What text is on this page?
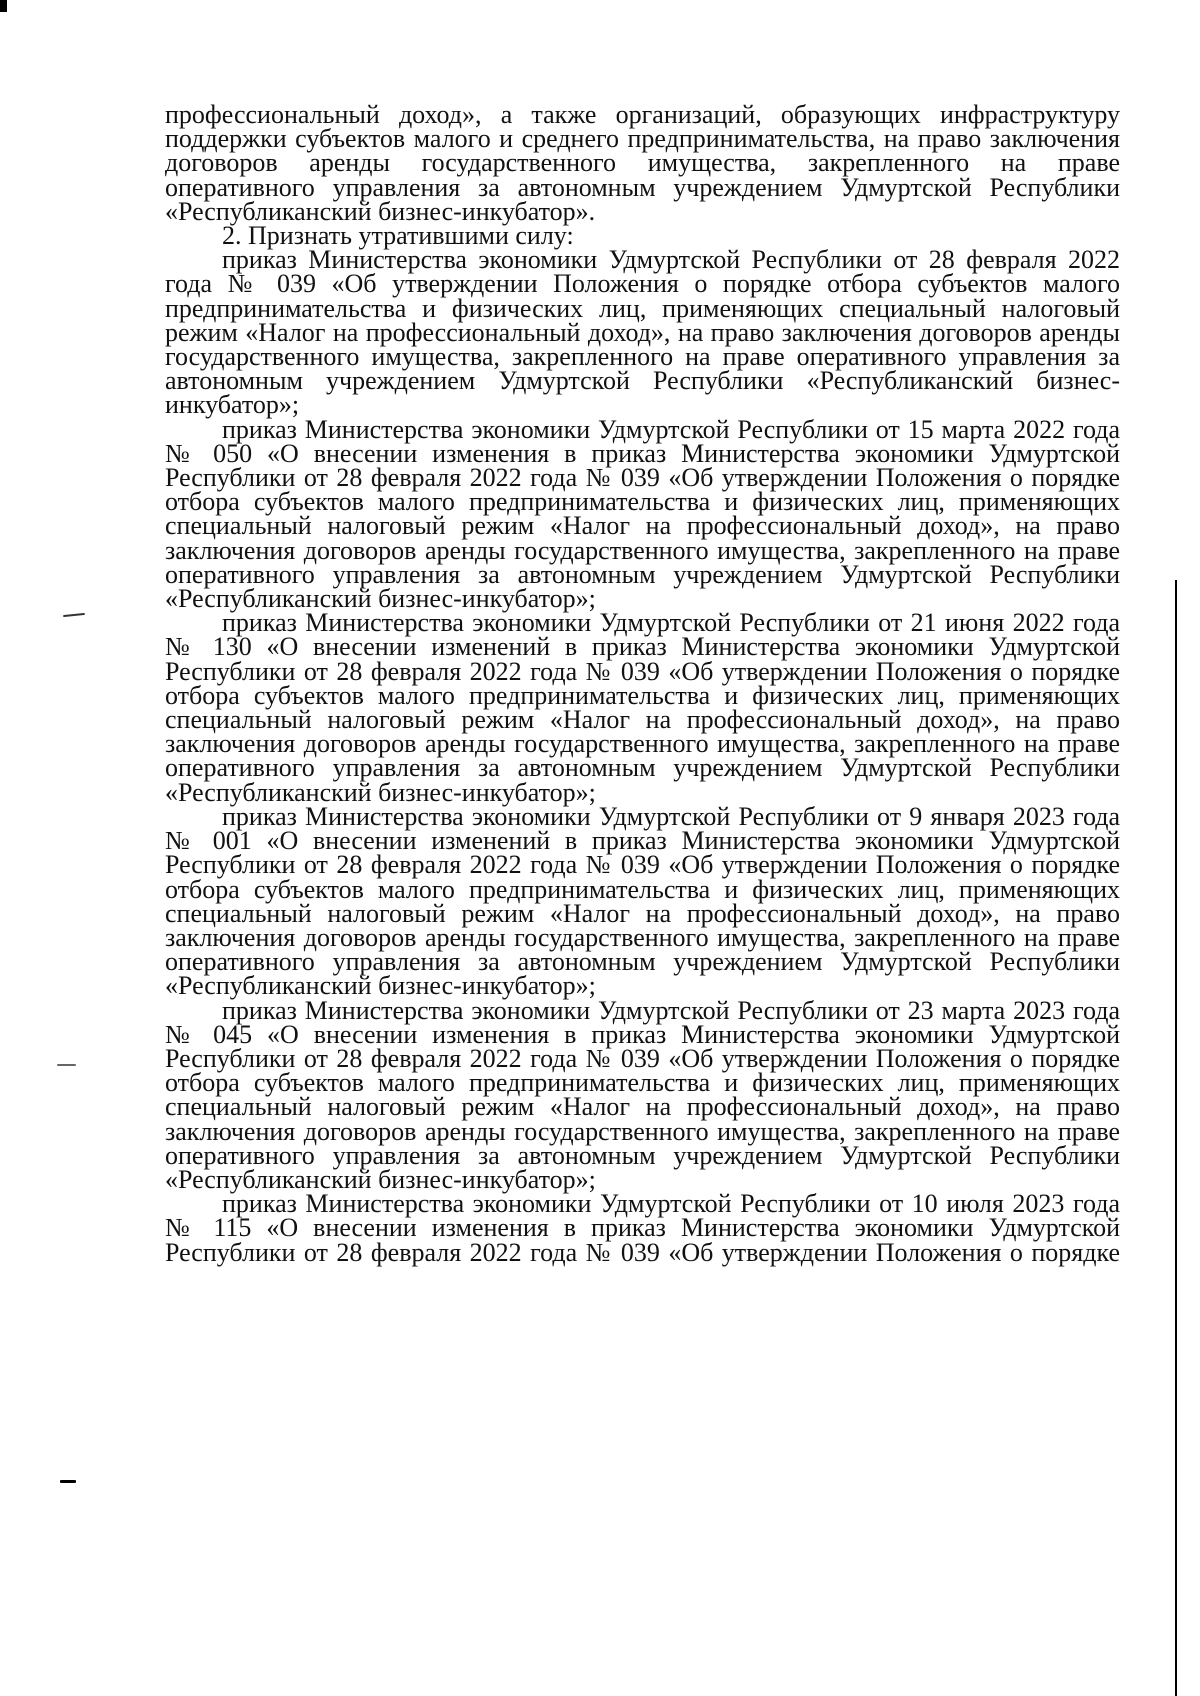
профессиональный доход», а также организаций, образующих инфраструктуру поддержки субъектов малого и среднего предпринимательства, на право заключения договоров аренды государственного имущества, закрепленного на праве оперативного управления за автономным учреждением Удмуртской Республики «Республиканский бизнес-инкубатор».

2. Признать утратившими силу:

приказ Министерства экономики Удмуртской Республики от 28 февраля 2022 года № 039 «Об утверждении Положения о порядке отбора субъектов малого предпринимательства и физических лиц, применяющих специальный налоговый режим «Налог на профессиональный доход», на право заключения договоров аренды государственного имущества, закрепленного на праве оперативного управления за автономным учреждением Удмуртской Республики «Республиканский бизнес-инкубатор»;

приказ Министерства экономики Удмуртской Республики от 15 марта 2022 года № 050 «О внесении изменения в приказ Министерства экономики Удмуртской Республики от 28 февраля 2022 года № 039 «Об утверждении Положения о порядке отбора субъектов малого предпринимательства и физических лиц, применяющих специальный налоговый режим «Налог на профессиональный доход», на право заключения договоров аренды государственного имущества, закрепленного на праве оперативного управления за автономным учреждением Удмуртской Республики «Республиканский бизнес-инкубатор»;

приказ Министерства экономики Удмуртской Республики от 21 июня 2022 года № 130 «О внесении изменений в приказ Министерства экономики Удмуртской Республики от 28 февраля 2022 года № 039 «Об утверждении Положения о порядке отбора субъектов малого предпринимательства и физических лиц, применяющих специальный налоговый режим «Налог на профессиональный доход», на право заключения договоров аренды государственного имущества, закрепленного на праве оперативного управления за автономным учреждением Удмуртской Республики «Республиканский бизнес-инкубатор»;

приказ Министерства экономики Удмуртской Республики от 9 января 2023 года № 001 «О внесении изменений в приказ Министерства экономики Удмуртской Республики от 28 февраля 2022 года № 039 «Об утверждении Положения о порядке отбора субъектов малого предпринимательства и физических лиц, применяющих специальный налоговый режим «Налог на профессиональный доход», на право заключения договоров аренды государственного имущества, закрепленного на праве оперативного управления за автономным учреждением Удмуртской Республики «Республиканский бизнес-инкубатор»;

приказ Министерства экономики Удмуртской Республики от 23 марта 2023 года № 045 «О внесении изменения в приказ Министерства экономики Удмуртской Республики от 28 февраля 2022 года № 039 «Об утверждении Положения о порядке отбора субъектов малого предпринимательства и физических лиц, применяющих специальный налоговый режим «Налог на профессиональный доход», на право заключения договоров аренды государственного имущества, закрепленного на праве оперативного управления за автономным учреждением Удмуртской Республики «Республиканский бизнес-инкубатор»;

приказ Министерства экономики Удмуртской Республики от 10 июля 2023 года № 115 «О внесении изменения в приказ Министерства экономики Удмуртской Республики от 28 февраля 2022 года № 039 «Об утверждении Положения о порядке
